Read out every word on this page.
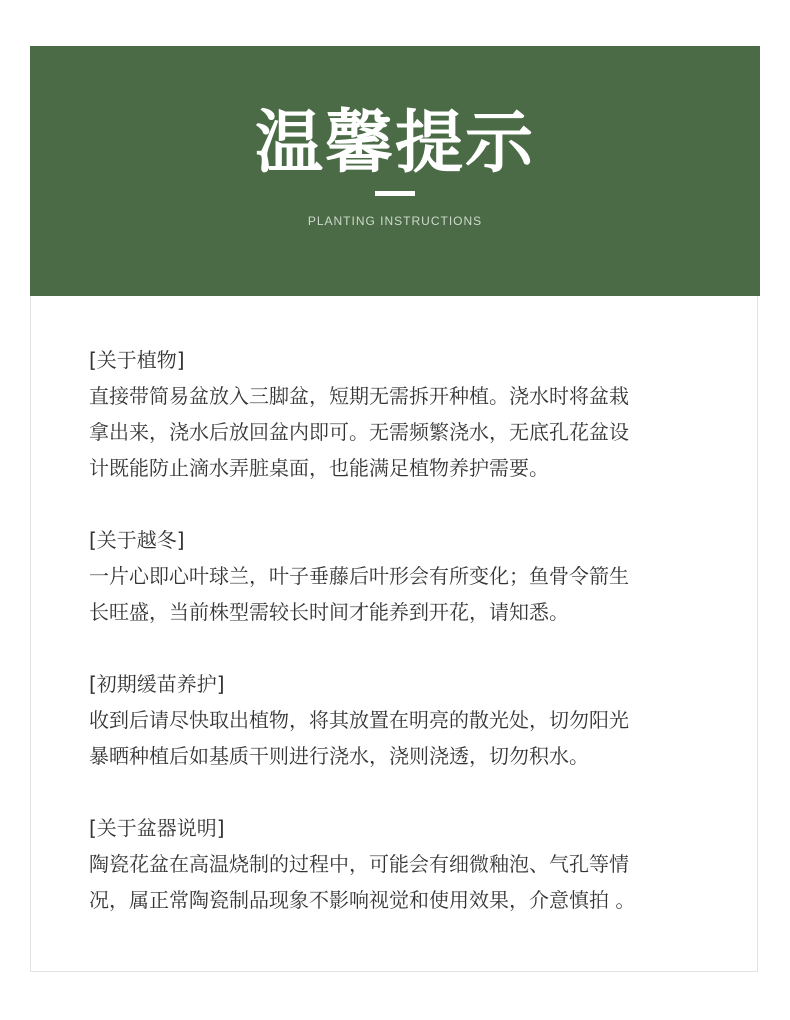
温馨提示
PLANTING INSTRUCTIONS
[关于植物]
直接带简易盆放入三脚盆，短期无需拆开种植。浇水时将盆栽
拿出来，浇水后放回盆内即可。无需频繁浇水，无底孔花盆设
计既能防止滴水弄脏桌面，也能满足植物养护需要。
[关于越冬]
一片心即心叶球兰，叶子垂藤后叶形会有所变化；鱼骨令箭生
长旺盛，当前株型需较长时间才能养到开花，请知悉。
[初期缓苗养护]
收到后请尽快取出植物，将其放置在明亮的散光处，切勿阳光
暴晒种植后如基质干则进行浇水，浇则浇透，切勿积水。
[关于盆器说明]
陶瓷花盆在高温烧制的过程中，可能会有细微釉泡、气孔等情
况，属正常陶瓷制品现象不影响视觉和使用效果，介意慎拍 。
